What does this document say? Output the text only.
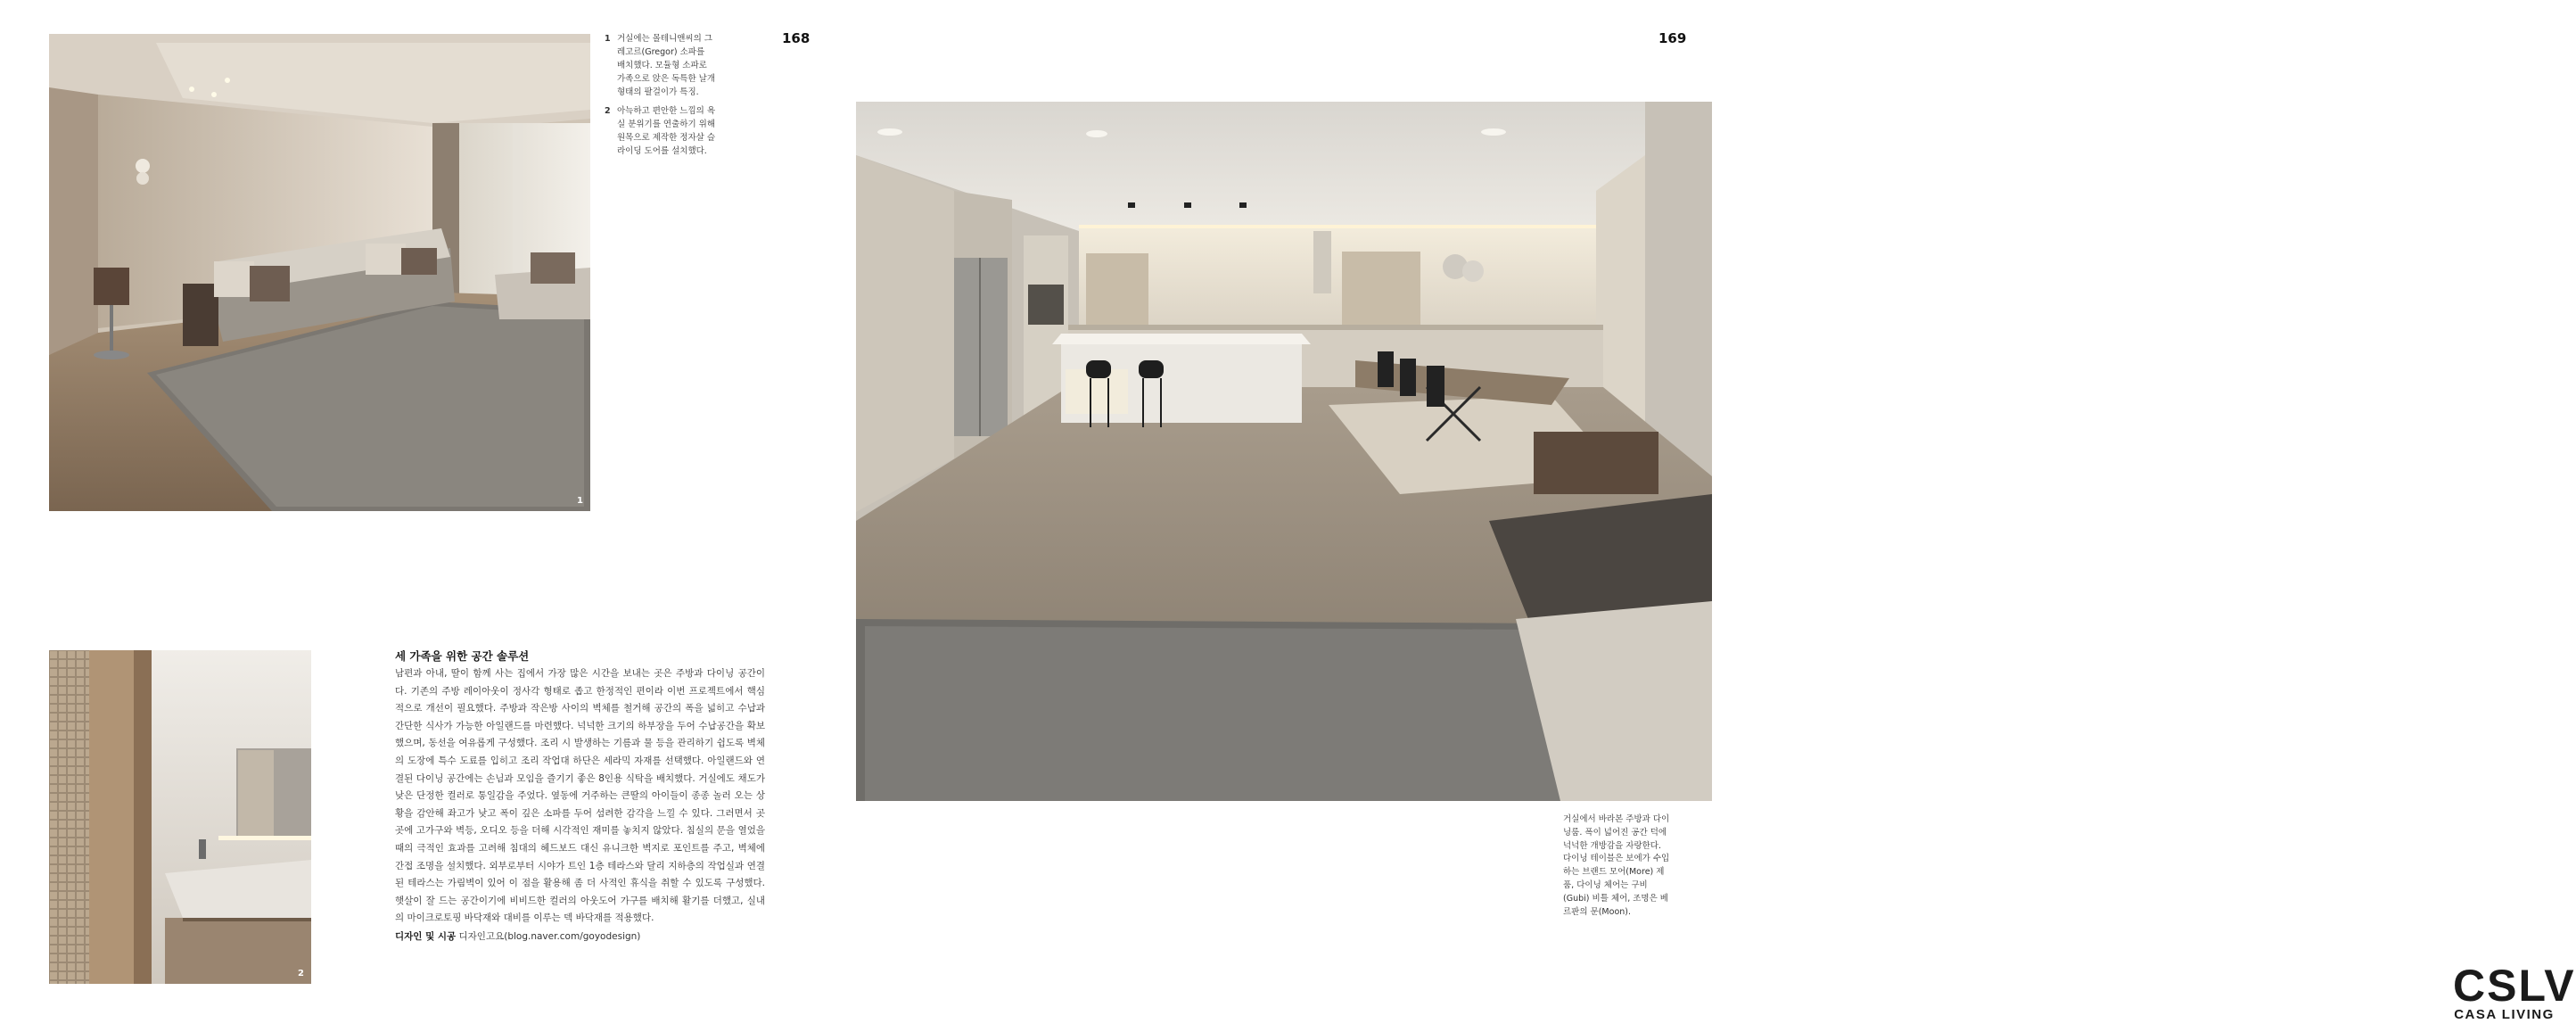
1
168
1 거실에는 몰테니앤씨의 그레고르(Gregor) 소파를 배치했다. 모듈형 소파로 가족으로 앉은 독특한 날개 형태의 팔걸이가 특징.
2 아늑하고 편안한 느낌의 욕실 분위기를 연출하기 위해 원목으로 제작한 정자살 슬라이딩 도어를 설치했다.
2
세 가족을 위한 공간 솔루션

남편과 아내, 딸이 함께 사는 집에서 가장 많은 시간을 보내는 곳은 주방과 다이닝 공간이다. 기존의 주방 레이아웃이 정사각 형태로 좁고 한정적인 편이라 이번 프로젝트에서 핵심적으로 개선이 필요했다. 주방과 작은방 사이의 벽체를 철거해 공간의 폭을 넓히고 수납과 간단한 식사가 가능한 아일랜드를 마련했다. 넉넉한 크기의 하부장을 두어 수납공간을 확보했으며, 동선을 여유롭게 구성했다. 조리 시 발생하는 기름과 물 등을 관리하기 쉽도록 벽체의 도장에 특수 도료를 입히고 조리 작업대 하단은 세라믹 자재를 선택했다. 아일랜드와 연결된 다이닝 공간에는 손님과 모임을 즐기기 좋은 8인용 식탁을 배치했다. 거실에도 채도가 낮은 단정한 컬러로 통일감을 주었다. 옆동에 거주하는 큰딸의 아이들이 종종 놀러 오는 상황을 감안해 좌고가 낮고 폭이 깊은 소파를 두어 섬려한 감각을 느낄 수 있다. 그러면서 곳곳에 고가구와 벽등, 오디오 등을 더해 시각적인 재미를 놓치지 않았다. 침실의 문을 열었을 때의 극적인 효과를 고려해 침대의 헤드보드 대신 유니크한 벽지로 포인트를 주고, 벽체에 간접 조명을 설치했다. 외부로부터 시야가 트인 1층 테라스와 달리 지하층의 작업실과 연결된 테라스는 가림벽이 있어 이 점을 활용해 좀 더 사적인 휴식을 취할 수 있도록 구성했다. 햇살이 잘 드는 공간이기에 비비드한 컬러의 아웃도어 가구를 배치해 활기를 더했고, 실내의 마이크로토핑 바닥재와 대비를 이루는 덱 바닥재를 적용했다.

디자인 및 시공 디자인고요(blog.naver.com/goyodesign)
169
Images ©Courtesy KOYO Design Studio
거실에서 바라본 주방과 다이닝룸. 폭이 넓어진 공간 덕에 넉넉한 개방감을 자랑한다. 다이닝 테이블은 보에가 수입하는 브랜드 모어(More) 제품, 다이닝 체어는 구비(Gubi) 비틀 체어, 조명은 베르판의 문(Moon).
CSLV
CASA LIVING
